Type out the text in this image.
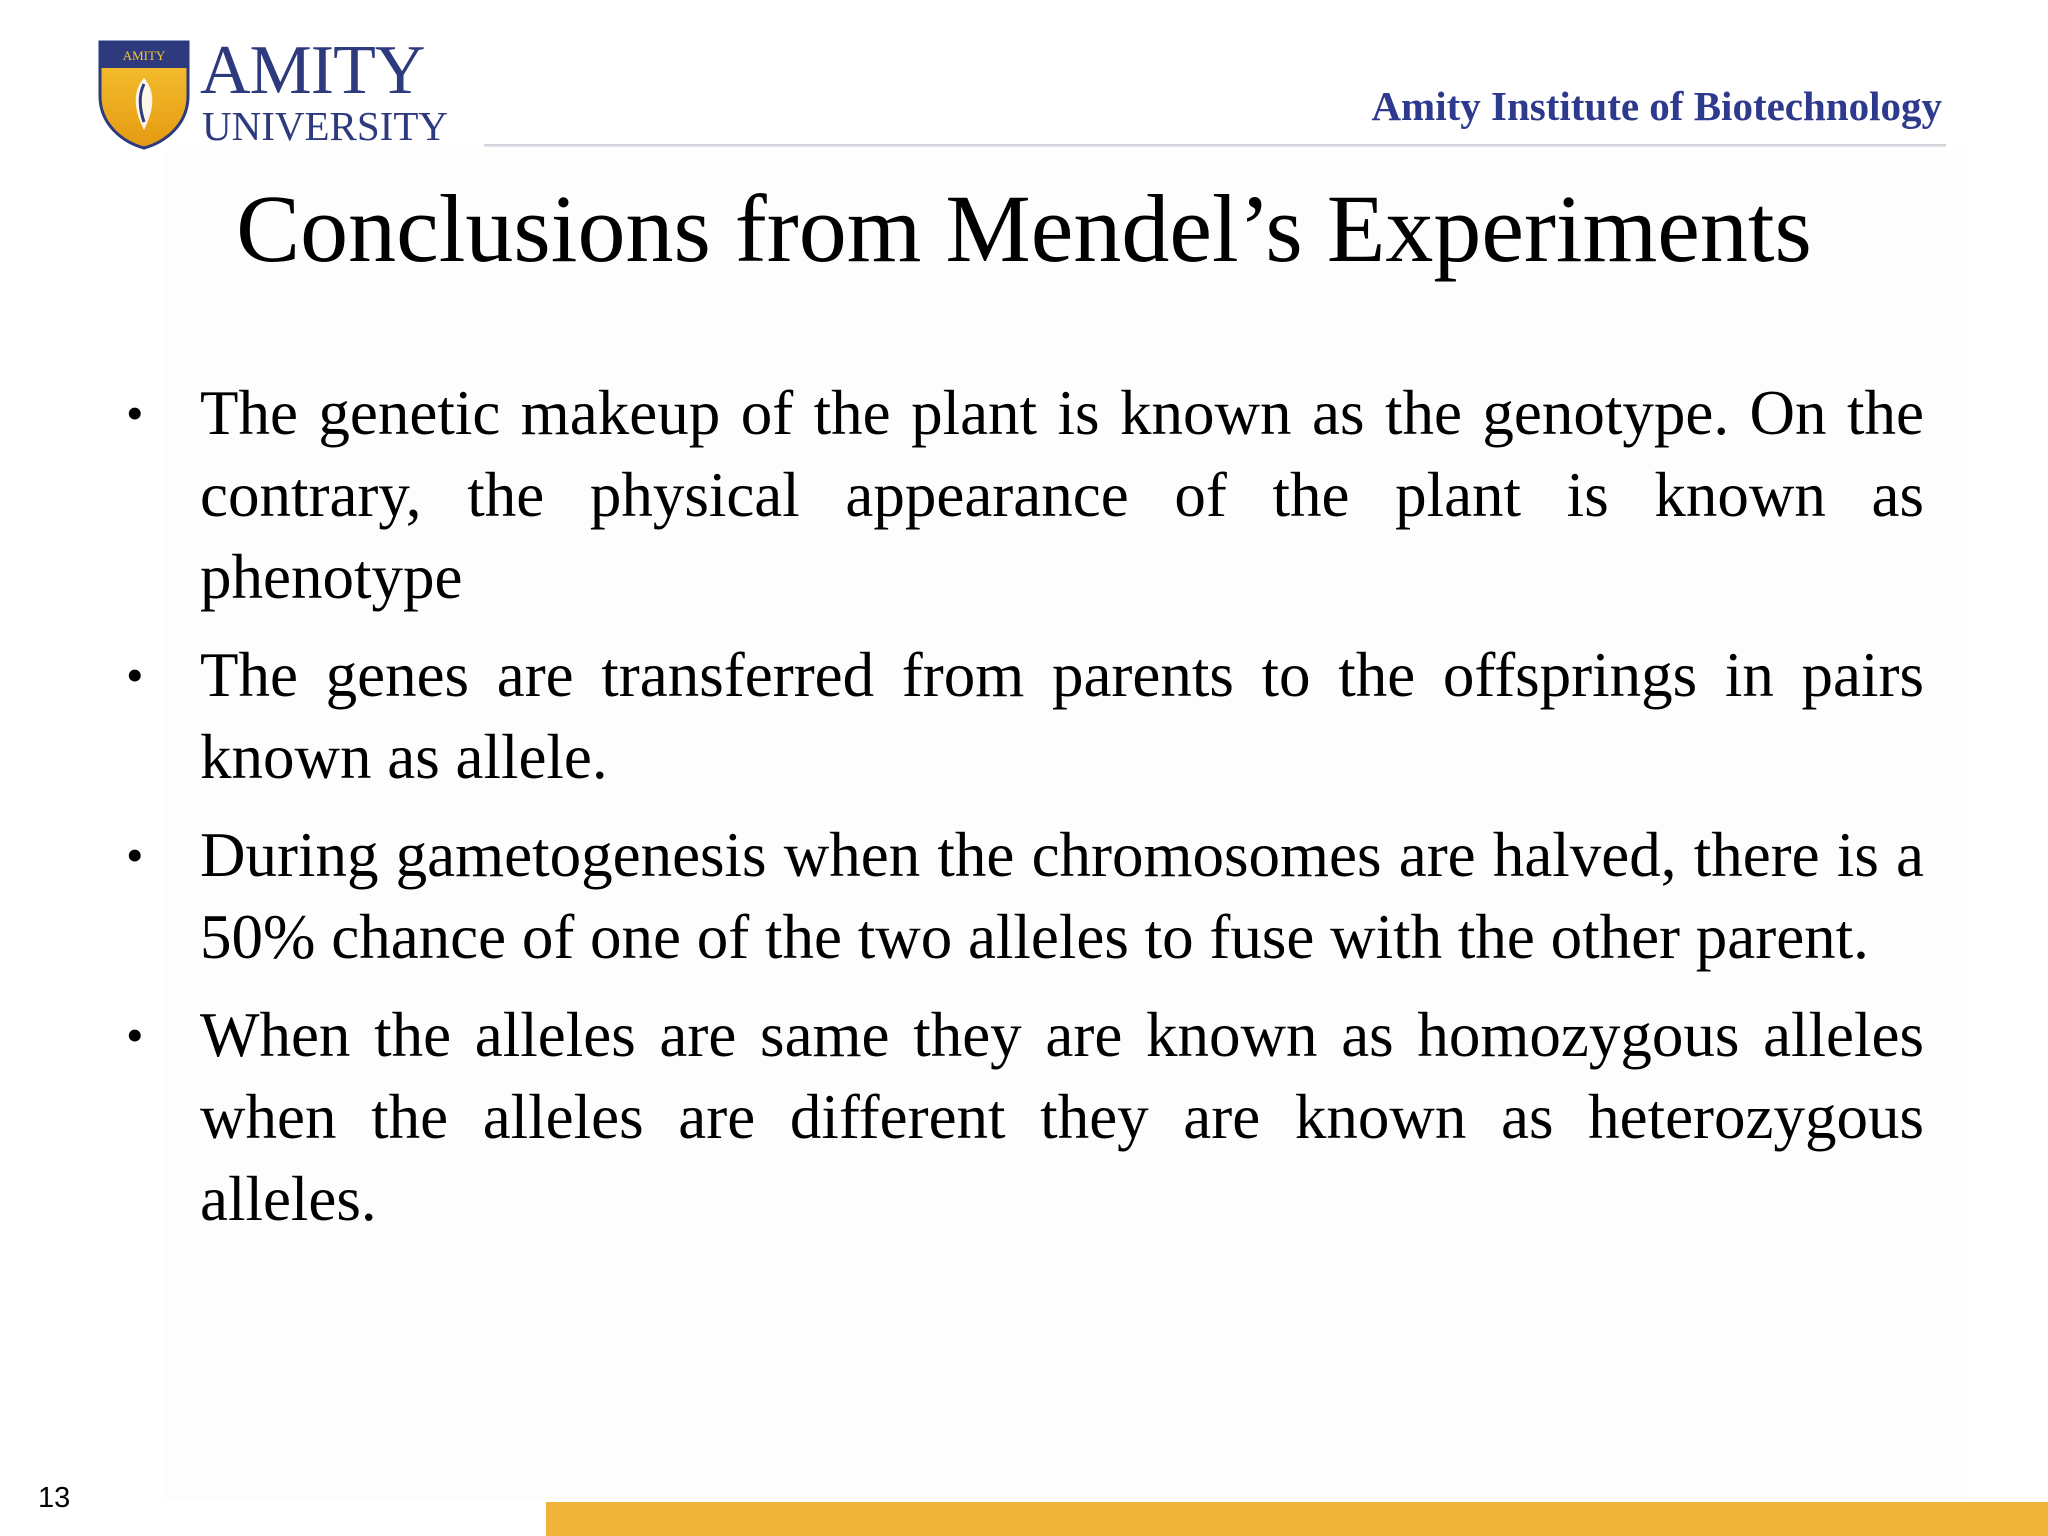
AMITY AMITY
UNIVERSITY	Amity Institute of Biotechnology
Conclusions from Mendel’s Experiments
• The genetic makeup of the plant is known as the genotype. On the contrary, the physical appearance of the plant is known as phenotype
• The genes are transferred from parents to the offsprings in pairs known as allele.
• During gametogenesis when the chromosomes are halved, there is a 50% chance of one of the two alleles to fuse with the other parent.
• When the alleles are same they are known as homozygous alleles when the alleles are different they are known as heterozygous alleles.
13
